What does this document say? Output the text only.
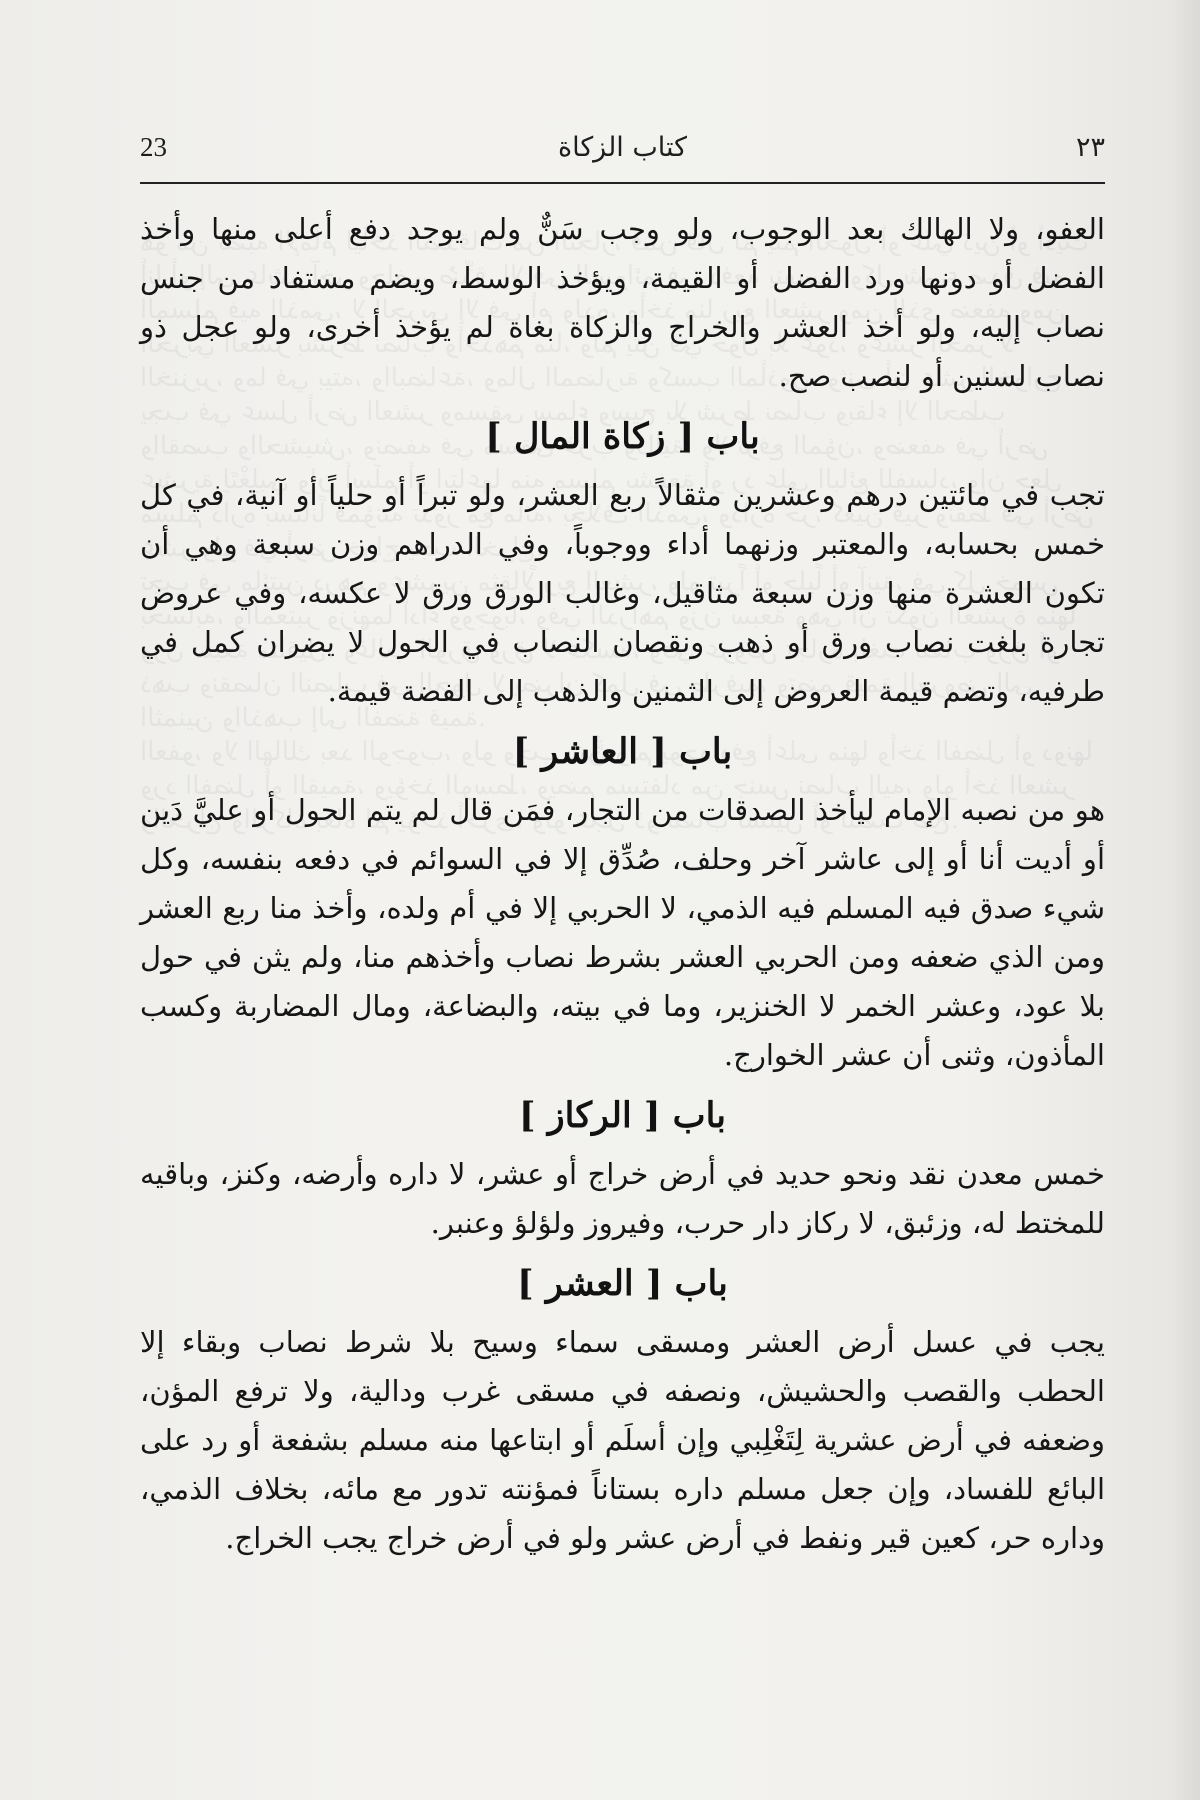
23	كتاب الزكاة	٢٣

العفو، ولا الهالك بعد الوجوب، ولو وجب سَنٌّ ولم يوجد دفع أعلى منها وأخذ الفضل أو دونها ورد الفضل أو القيمة، ويؤخذ الوسط، ويضم مستفاد من جنس نصاب إليه، ولو أخذ العشر والخراج والزكاة بغاة لم يؤخذ أخرى، ولو عجل ذو نصاب لسنين أو لنصب صح.

باب [ زكاة المال ]

تجب في مائتين درهم وعشرين مثقالاً ربع العشر، ولو تبراً أو حلياً أو آنية، في كل خمس بحسابه، والمعتبر وزنهما أداء ووجوباً، وفي الدراهم وزن سبعة وهي أن تكون العشرة منها وزن سبعة مثاقيل، وغالب الورق ورق لا عكسه، وفي عروض تجارة بلغت نصاب ورق أو ذهب ونقصان النصاب في الحول لا يضران كمل في طرفيه، وتضم قيمة العروض إلى الثمنين والذهب إلى الفضة قيمة.

باب [ العاشر ]

هو من نصبه الإمام ليأخذ الصدقات من التجار، فمَن قال لم يتم الحول أو عليَّ دَين أو أديت أنا أو إلى عاشر آخر وحلف، صُدِّق إلا في السوائم في دفعه بنفسه، وكل شيء صدق فيه المسلم فيه الذمي، لا الحربي إلا في أم ولده، وأخذ منا ربع العشر ومن الذي ضعفه ومن الحربي العشر بشرط نصاب وأخذهم منا، ولم يثن في حول بلا عود، وعشر الخمر لا الخنزير، وما في بيته، والبضاعة، ومال المضاربة وكسب المأذون، وثنى أن عشر الخوارج.

باب [ الركاز ]

خمس معدن نقد ونحو حديد في أرض خراج أو عشر، لا داره وأرضه، وكنز، وباقيه للمختط له، وزئبق، لا ركاز دار حرب، وفيروز ولؤلؤ وعنبر.

باب [ العشر ]

يجب في عسل أرض العشر ومسقى سماء وسيح بلا شرط نصاب وبقاء إلا الحطب والقصب والحشيش، ونصفه في مسقى غرب ودالية، ولا ترفع المؤن، وضعفه في أرض عشرية لِتَغْلِبي وإن أسلَم أو ابتاعها منه مسلم بشفعة أو رد على البائع للفساد، وإن جعل مسلم داره بستاناً فمؤنته تدور مع مائه، بخلاف الذمي، وداره حر، كعين قير ونفط في أرض عشر ولو في أرض خراج يجب الخراج.
